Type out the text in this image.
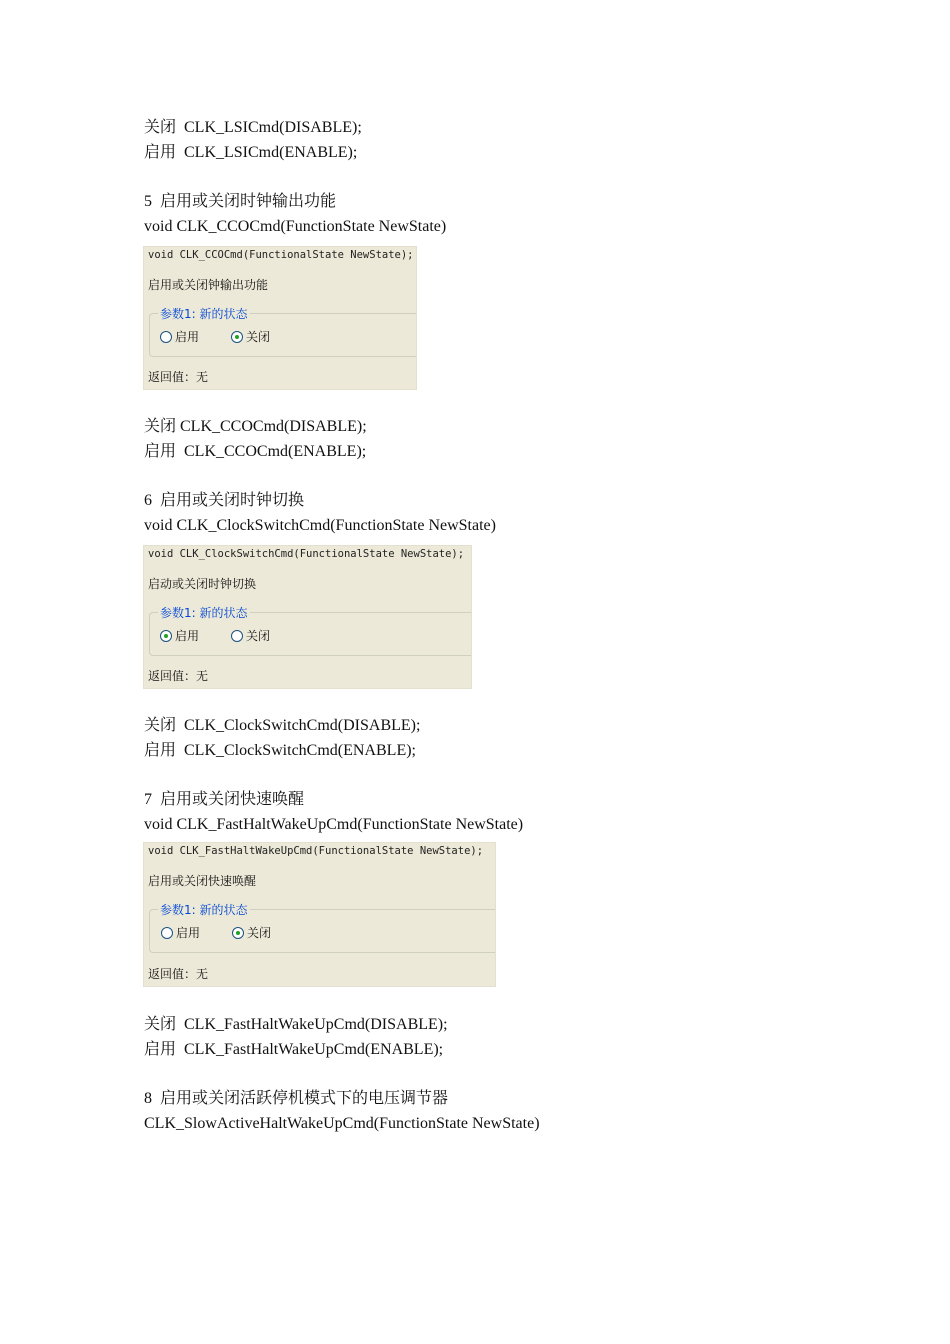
关闭  CLK_LSICmd(DISABLE);
启用  CLK_LSICmd(ENABLE);
5  启用或关闭时钟输出功能
void CLK_CCOCmd(FunctionState NewState)
void CLK_CCOCmd(FunctionalState NewState);
启用或关闭钟输出功能
参数1: 新的状态
启用	关闭
返回值：无
关闭 CLK_CCOCmd(DISABLE);
启用  CLK_CCOCmd(ENABLE);
6  启用或关闭时钟切换
void CLK_ClockSwitchCmd(FunctionState NewState)
void CLK_ClockSwitchCmd(FunctionalState NewState);
启动或关闭时钟切换
参数1: 新的状态
启用	关闭
返回值：无
关闭  CLK_ClockSwitchCmd(DISABLE);
启用  CLK_ClockSwitchCmd(ENABLE);
7  启用或关闭快速唤醒
void CLK_FastHaltWakeUpCmd(FunctionState NewState)
void CLK_FastHaltWakeUpCmd(FunctionalState NewState);
启用或关闭快速唤醒
参数1: 新的状态
启用	关闭
返回值：无
关闭  CLK_FastHaltWakeUpCmd(DISABLE);
启用  CLK_FastHaltWakeUpCmd(ENABLE);
8  启用或关闭活跃停机模式下的电压调节器
CLK_SlowActiveHaltWakeUpCmd(FunctionState NewState)
